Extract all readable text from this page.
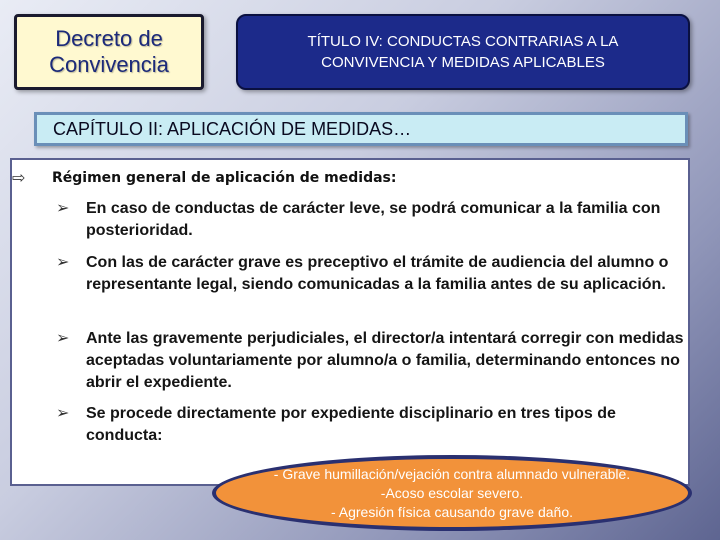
Decreto de
Convivencia
TÍTULO IV: CONDUCTAS CONTRARIAS A LA
CONVIVENCIA Y MEDIDAS APLICABLES
CAPÍTULO II: APLICACIÓN DE MEDIDAS…
⇨	Régimen general de aplicación de medidas:
➢	En caso de conductas de carácter leve, se podrá comunicar a la familia con posterioridad.
➢	Con las de carácter grave es preceptivo el trámite de audiencia del alumno o representante legal, siendo comunicadas a la familia antes de su aplicación.
➢	Ante las gravemente perjudiciales, el director/a intentará corregir con medidas aceptadas voluntariamente por alumno/a o familia, determinando entonces no abrir el expediente.
➢	Se procede directamente por expediente disciplinario en tres tipos de conducta:
- Grave humillación/vejación contra alumnado vulnerable.
-Acoso escolar severo.
- Agresión física causando grave daño.
